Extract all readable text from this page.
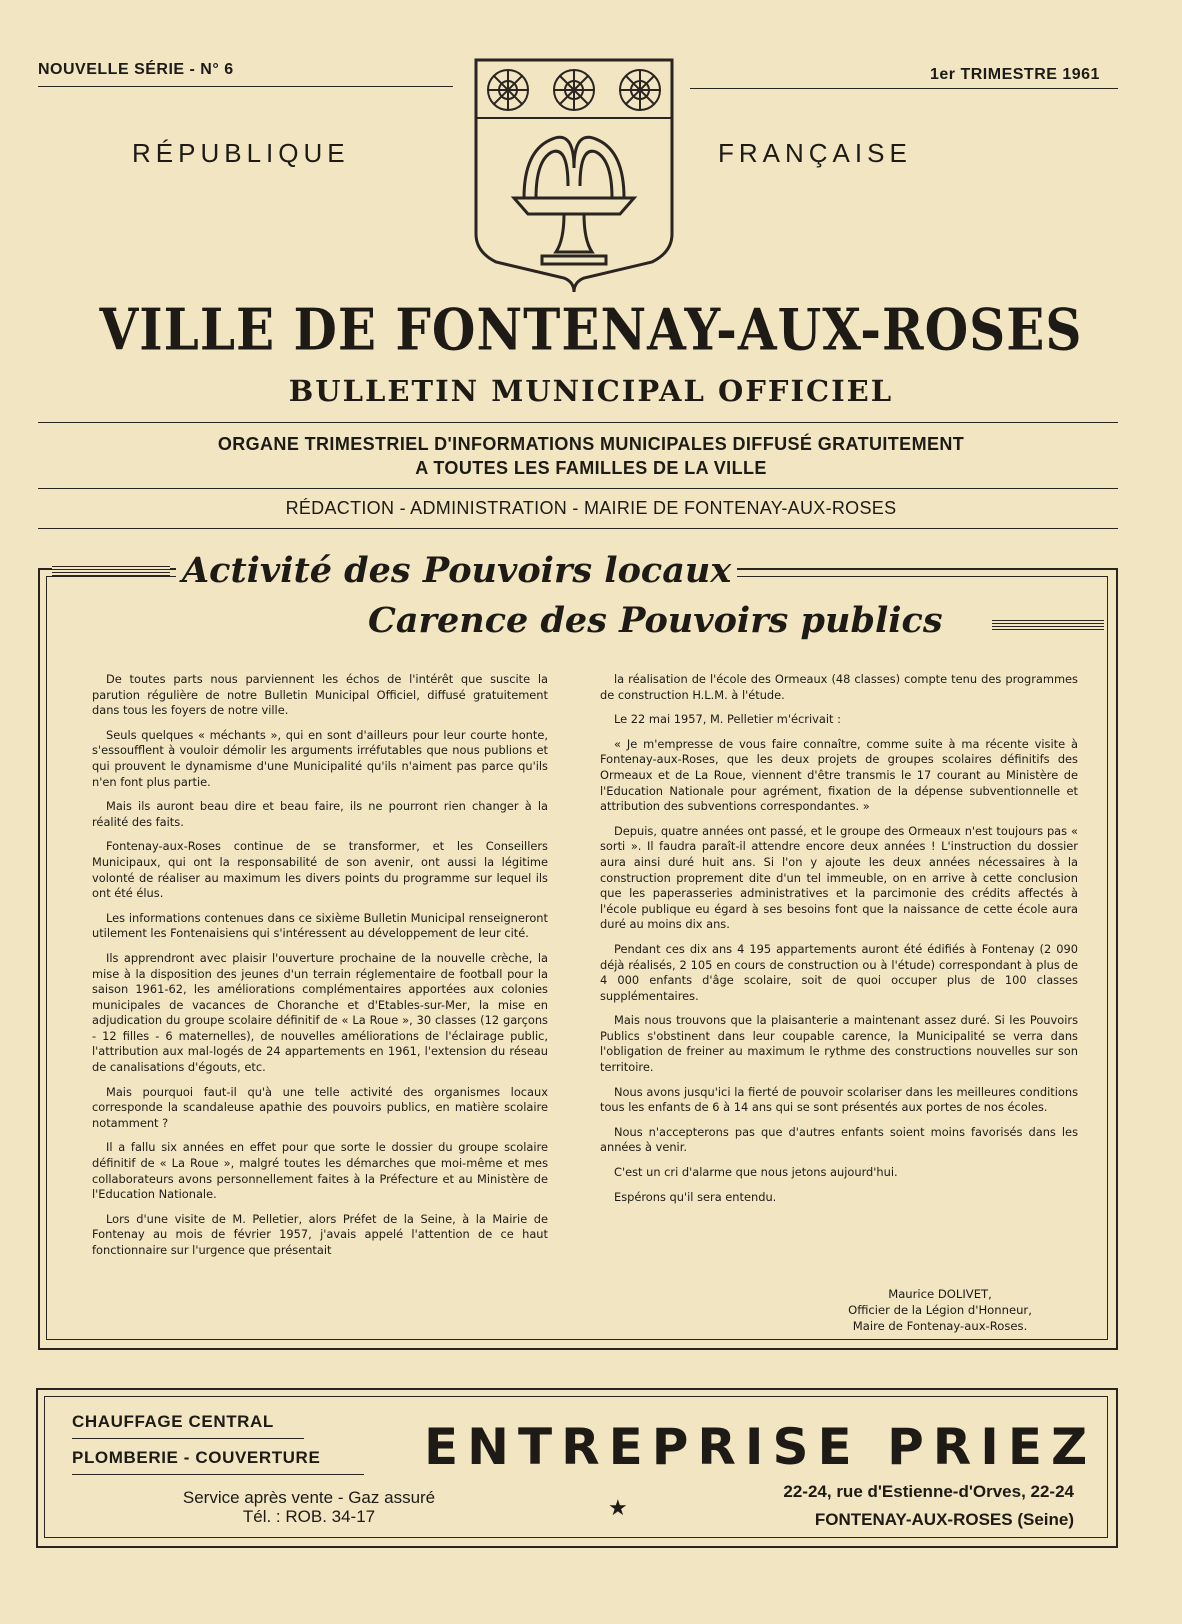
NOUVELLE SÉRIE - N° 6	1er TRIMESTRE 1961
RÉPUBLIQUE	FRANÇAISE
VILLE DE FONTENAY-AUX-ROSES
BULLETIN MUNICIPAL OFFICIEL
ORGANE TRIMESTRIEL D'INFORMATIONS MUNICIPALES DIFFUSÉ GRATUITEMENT
A TOUTES LES FAMILLES DE LA VILLE
RÉDACTION - ADMINISTRATION - MAIRIE DE FONTENAY-AUX-ROSES
Activité des Pouvoirs locaux
Carence des Pouvoirs publics

De toutes parts nous parviennent les échos de l'intérêt que suscite la parution régulière de notre Bulletin Municipal Officiel, diffusé gratuitement dans tous les foyers de notre ville.

Seuls quelques « méchants », qui en sont d'ailleurs pour leur courte honte, s'essoufflent à vouloir démolir les arguments irréfutables que nous publions et qui prouvent le dynamisme d'une Municipalité qu'ils n'aiment pas parce qu'ils n'en font plus partie.

Mais ils auront beau dire et beau faire, ils ne pourront rien changer à la réalité des faits.

Fontenay-aux-Roses continue de se transformer, et les Conseillers Municipaux, qui ont la responsabilité de son avenir, ont aussi la légitime volonté de réaliser au maximum les divers points du programme sur lequel ils ont été élus.

Les informations contenues dans ce sixième Bulletin Municipal renseigneront utilement les Fontenaisiens qui s'intéressent au développement de leur cité.

Ils apprendront avec plaisir l'ouverture prochaine de la nouvelle crèche, la mise à la disposition des jeunes d'un terrain réglementaire de football pour la saison 1961-62, les améliorations complémentaires apportées aux colonies municipales de vacances de Choranche et d'Etables-sur-Mer, la mise en adjudication du groupe scolaire définitif de « La Roue », 30 classes (12 garçons - 12 filles - 6 maternelles), de nouvelles améliorations de l'éclairage public, l'attribution aux mal-logés de 24 appartements en 1961, l'extension du réseau de canalisations d'égouts, etc.

Mais pourquoi faut-il qu'à une telle activité des organismes locaux corresponde la scandaleuse apathie des pouvoirs publics, en matière scolaire notamment ?

Il a fallu six années en effet pour que sorte le dossier du groupe scolaire définitif de « La Roue », malgré toutes les démarches que moi-même et mes collaborateurs avons personnellement faites à la Préfecture et au Ministère de l'Education Nationale.

Lors d'une visite de M. Pelletier, alors Préfet de la Seine, à la Mairie de Fontenay au mois de février 1957, j'avais appelé l'attention de ce haut fonctionnaire sur l'urgence que présentait

la réalisation de l'école des Ormeaux (48 classes) compte tenu des programmes de construction H.L.M. à l'étude.

Le 22 mai 1957, M. Pelletier m'écrivait :

« Je m'empresse de vous faire connaître, comme suite à ma récente visite à Fontenay-aux-Roses, que les deux projets de groupes scolaires définitifs des Ormeaux et de La Roue, viennent d'être transmis le 17 courant au Ministère de l'Education Nationale pour agrément, fixation de la dépense subventionnelle et attribution des subventions correspondantes. »

Depuis, quatre années ont passé, et le groupe des Ormeaux n'est toujours pas « sorti ». Il faudra paraît-il attendre encore deux années ! L'instruction du dossier aura ainsi duré huit ans. Si l'on y ajoute les deux années nécessaires à la construction proprement dite d'un tel immeuble, on en arrive à cette conclusion que les paperasseries administratives et la parcimonie des crédits affectés à l'école publique eu égard à ses besoins font que la naissance de cette école aura duré au moins dix ans.

Pendant ces dix ans 4 195 appartements auront été édifiés à Fontenay (2 090 déjà réalisés, 2 105 en cours de construction ou à l'étude) correspondant à plus de 4 000 enfants d'âge scolaire, soit de quoi occuper plus de 100 classes supplémentaires.

Mais nous trouvons que la plaisanterie a maintenant assez duré. Si les Pouvoirs Publics s'obstinent dans leur coupable carence, la Municipalité se verra dans l'obligation de freiner au maximum le rythme des constructions nouvelles sur son territoire.

Nous avons jusqu'ici la fierté de pouvoir scolariser dans les meilleures conditions tous les enfants de 6 à 14 ans qui se sont présentés aux portes de nos écoles.

Nous n'accepterons pas que d'autres enfants soient moins favorisés dans les années à venir.

C'est un cri d'alarme que nous jetons aujourd'hui.

Espérons qu'il sera entendu.

Maurice DOLIVET,
Officier de la Légion d'Honneur,
Maire de Fontenay-aux-Roses.
CHAUFFAGE CENTRAL
PLOMBERIE - COUVERTURE ENTREPRISE PRIEZ
Service après vente - Gaz assuré
Tél. : ROB. 34-17	★
22-24, rue d'Estienne-d'Orves, 22-24
FONTENAY-AUX-ROSES (Seine)
